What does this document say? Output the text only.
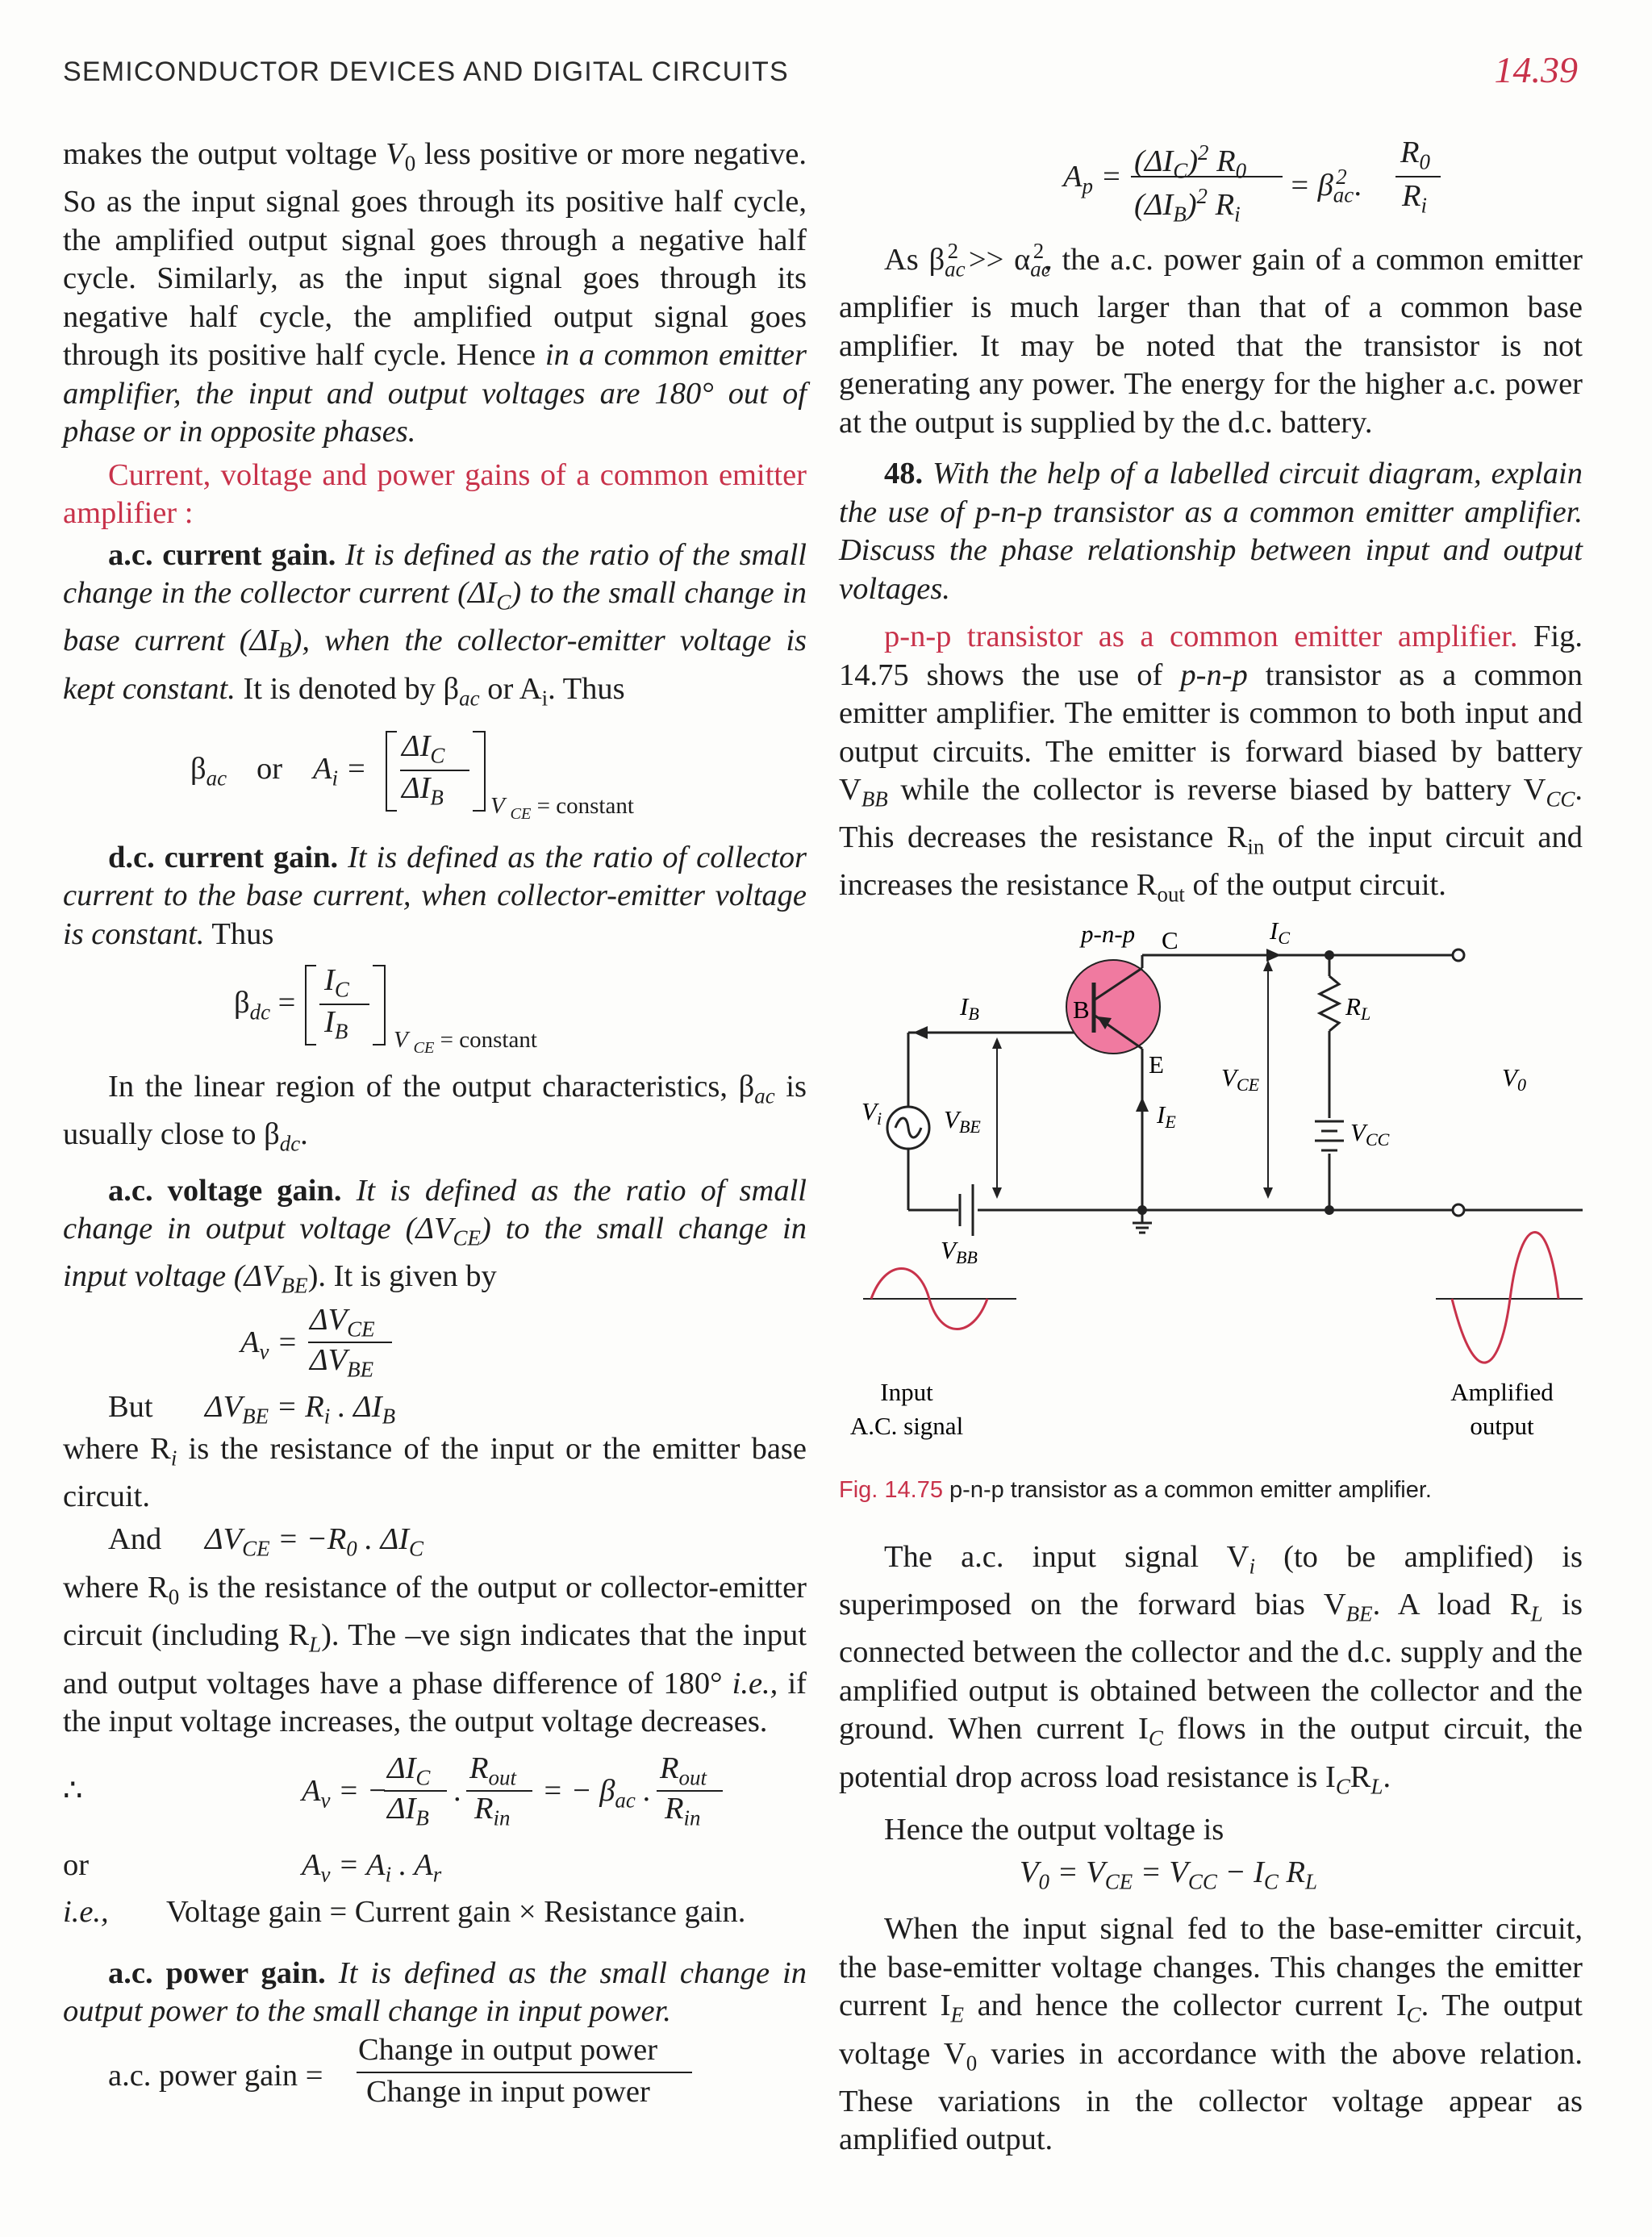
SEMICONDUCTOR DEVICES AND DIGITAL CIRCUITS	14.39

makes the output voltage $V_0$ less positive or more negative. So as the input signal goes through its positive half cycle, the amplified output signal goes through a negative half cycle. Similarly, as the input signal goes through its negative half cycle, the amplified output signal goes through its positive half cycle. Hence in a common emitter amplifier, the input and output voltages are 180° out of phase or in opposite phases.

Current, voltage and power gains of a common emitter amplifier :

a.c. current gain. It is defined as the ratio of the small change in the collector current $(\Delta I_C)$ to the small change in base current $(\Delta I_B)$, when the collector-emitter voltage is kept constant. It is denoted by $\beta_{ac}$ or $A_i$. Thus

$\beta_{ac}$ or $A_i$ =
$\Delta I_C$
$\Delta I_B$ V $_{CE}$ = constant

d.c. current gain. It is defined as the ratio of collector current to the base current, when collector-emitter voltage is constant. Thus

$\beta_{dc}$ =
$I_C$
$I_B$ V $_{CE}$ = constant

In the linear region of the output characteristics, $\beta_{ac}$ is usually close to $\beta_{dc}$.

a.c. voltage gain. It is defined as the ratio of small change in output voltage $(\Delta V_{CE})$ to the small change in input voltage $(\Delta V_{BE})$. It is given by

$A_v$ =
$\Delta V_{CE}$
$\Delta V_{BE}$
But $\Delta V_{BE} = R_i$ . $\Delta I_B$

where $R_i$ is the resistance of the input or the emitter base circuit.

And $\Delta V_{CE} = -R_0$ . $\Delta I_C$

where $R_0$ is the resistance of the output or collector-emitter circuit (including $R_L$). The –ve sign indicates that the input and output voltages have a phase difference of 180° i.e., if the input voltage increases, the output voltage decreases.

∴	$A_v$ = −
$\Delta I_C$
$\Delta I_B$
.
$R_{out}$
$R_{in}$
= − $\beta_{ac}$ .
$R_{out}$
$R_{in}$
or	$A_v = A_i$ . $A_r$
i.e., Voltage gain = Current gain × Resistance gain.

a.c. power gain. It is defined as the small change in output power to the small change in input power.

a.c. power gain =
Change in output power
Change in input power
$A_p = (\Delta I_C)^2$ $R_0$
$(\Delta I_B)^2$ $R_i$
= $\beta_{ac}^2$ .
$R_0$
$R_i$

As $\beta_{ac}^2 >> \alpha_{ac}^2$, the a.c. power gain of a common emitter amplifier is much larger than that of a common base amplifier. It may be noted that the transistor is not generating any power. The energy for the higher a.c. power at the output is supplied by the d.c. battery.

48. With the help of a labelled circuit diagram, explain the use of p-n-p transistor as a common emitter amplifier. Discuss the phase relationship between input and output voltages.

p-n-p transistor as a common emitter amplifier. Fig. 14.75 shows the use of p-n-p transistor as a common emitter amplifier. The emitter is common to both input and output circuits. The emitter is forward biased by battery $V_{BB}$ while the collector is reverse biased by battery $V_{CC}$. This decreases the resistance $R_{in}$ of the input circuit and increases the resistance $R_{out}$ of the output circuit.

p-n-p C
B
E
IB
IC
IE
RL
VCE
VBE	VCC
VBB
Vi
V0
Input
A.C. signal
Amplified
output
Fig. 14.75 p-n-p transistor as a common emitter amplifier.

The a.c. input signal $V_i$ (to be amplified) is superimposed on the forward bias $V_{BE}$. A load $R_L$ is connected between the collector and the d.c. supply and the amplified output is obtained between the collector and the ground. When current $I_C$ flows in the output circuit, the potential drop across load resistance is $I_CR_L$.

Hence the output voltage is

$V_0 = V_{CE} = V_{CC} - I_C$ $R_L$

When the input signal fed to the base-emitter circuit, the base-emitter voltage changes. This changes the emitter current $I_E$ and hence the collector current $I_C$. The output voltage $V_0$ varies in accordance with the above relation. These variations in the collector voltage appear as amplified output.
